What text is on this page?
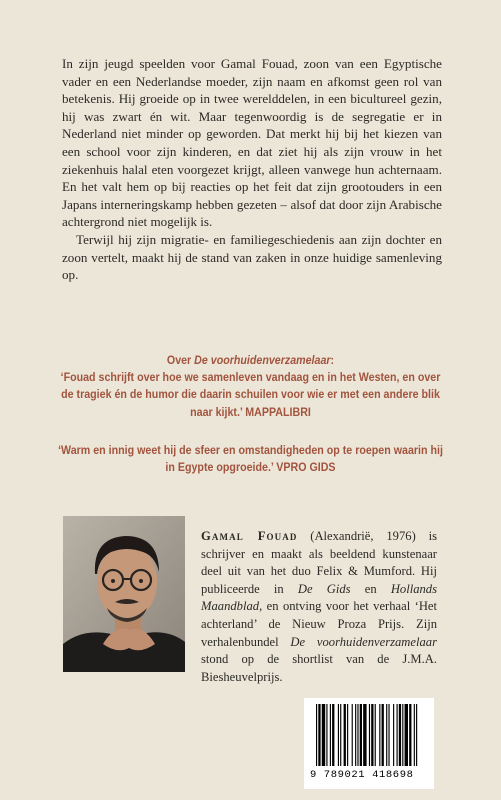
In zijn jeugd speelden voor Gamal Fouad, zoon van een Egyptische vader en een Nederlandse moeder, zijn naam en afkomst geen rol van betekenis. Hij groeide op in twee werelddelen, in een bicultureel gezin, hij was zwart én wit. Maar tegenwoordig is de segregatie er in Nederland niet minder op geworden. Dat merkt hij bij het kiezen van een school voor zijn kinderen, en dat ziet hij als zijn vrouw in het ziekenhuis halal eten voorgezet krijgt, alleen vanwege hun achternaam. En het valt hem op bij reacties op het feit dat zijn grootouders in een Japans interneringskamp hebben gezeten – alsof dat door zijn Arabische achtergrond niet mogelijk is.

Terwijl hij zijn migratie- en familiegeschiedenis aan zijn dochter en zoon vertelt, maakt hij de stand van zaken in onze huidige samenleving op.

Over De voorhuidenverzamelaar:
‘Fouad schrijft over hoe we samenleven vandaag en in het Westen, en over de tragiek én de humor die daarin schuilen voor wie er met een andere blik naar kijkt.’ MAPPALIBRI

‘Warm en innig weet hij de sfeer en omstandigheden op te roepen waarin hij in Egypte opgroeide.’ VPRO GIDS

Gamal Fouad (Alexandrië, 1976) is schrijver en maakt als beeldend kunstenaar deel uit van het duo Felix & Mumford. Hij publiceerde in De Gids en Hollands Maandblad, en ontving voor het verhaal ‘Het achterland’ de Nieuw Proza Prijs. Zijn verhalenbundel De voorhuidenverzamelaar stond op de shortlist van de J.M.A. Biesheuvelprijs.

9 789021 418698
